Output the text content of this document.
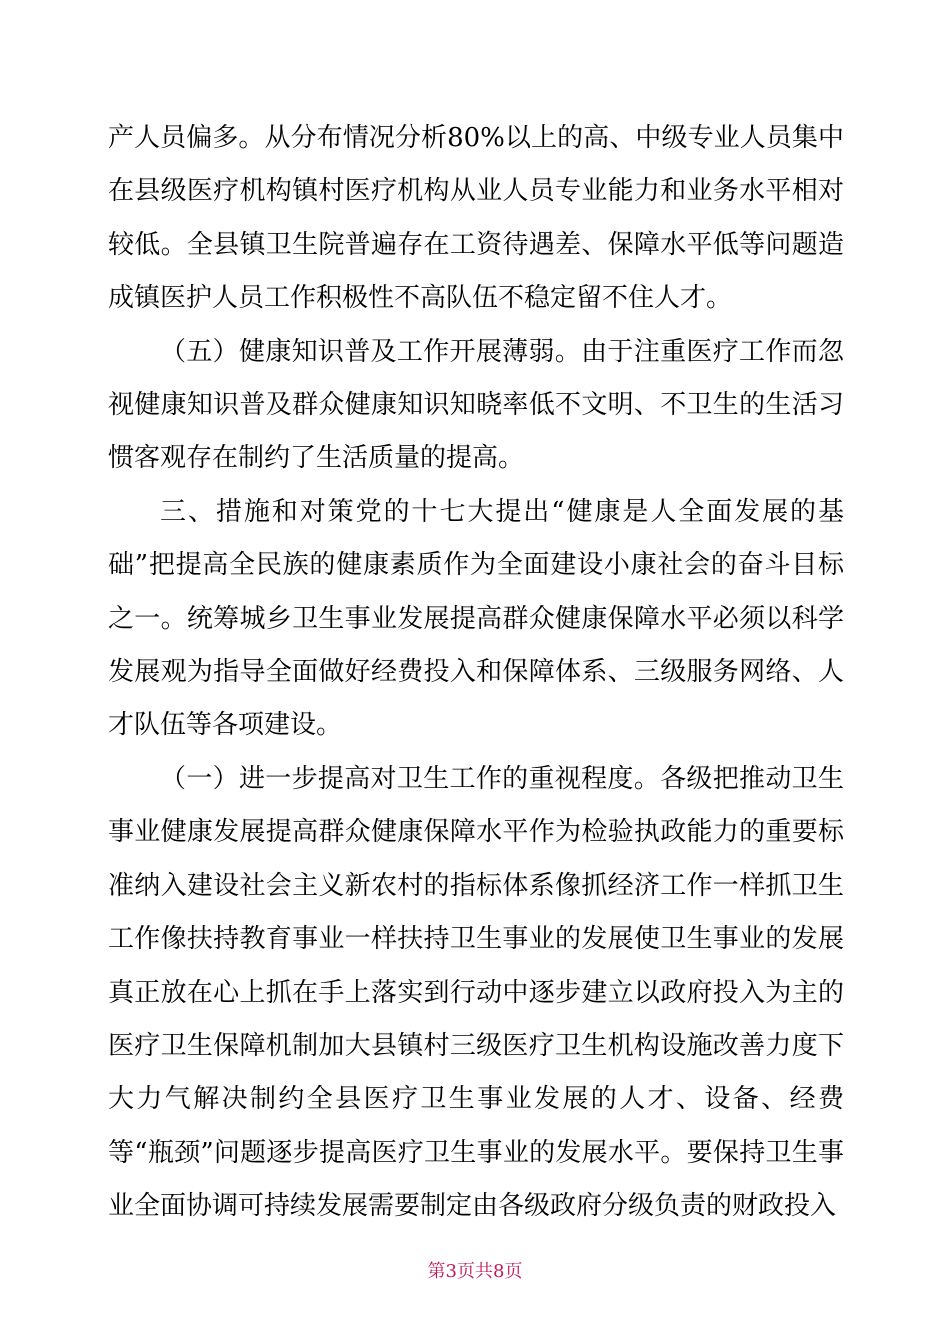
产人员偏多。从分布情况分析80%以上的高、中级专业人员集中在县级医疗机构镇村医疗机构从业人员专业能力和业务水平相对较低。全县镇卫生院普遍存在工资待遇差、保障水平低等问题造成镇医护人员工作积极性不高队伍不稳定留不住人才。

（五）健康知识普及工作开展薄弱。由于注重医疗工作而忽视健康知识普及群众健康知识知晓率低不文明、不卫生的生活习惯客观存在制约了生活质量的提高。

三、措施和对策党的十七大提出“健康是人全面发展的基础”把提高全民族的健康素质作为全面建设小康社会的奋斗目标之一。统筹城乡卫生事业发展提高群众健康保障水平必须以科学发展观为指导全面做好经费投入和保障体系、三级服务网络、人才队伍等各项建设。

（一）进一步提高对卫生工作的重视程度。各级把推动卫生事业健康发展提高群众健康保障水平作为检验执政能力的重要标准纳入建设社会主义新农村的指标体系像抓经济工作一样抓卫生工作像扶持教育事业一样扶持卫生事业的发展使卫生事业的发展真正放在心上抓在手上落实到行动中逐步建立以政府投入为主的医疗卫生保障机制加大县镇村三级医疗卫生机构设施改善力度下大力气解决制约全县医疗卫生事业发展的人才、设备、经费等“瓶颈”问题逐步提高医疗卫生事业的发展水平。要保持卫生事业全面协调可持续发展需要制定由各级政府分级负责的财政投入

第3页共8页
